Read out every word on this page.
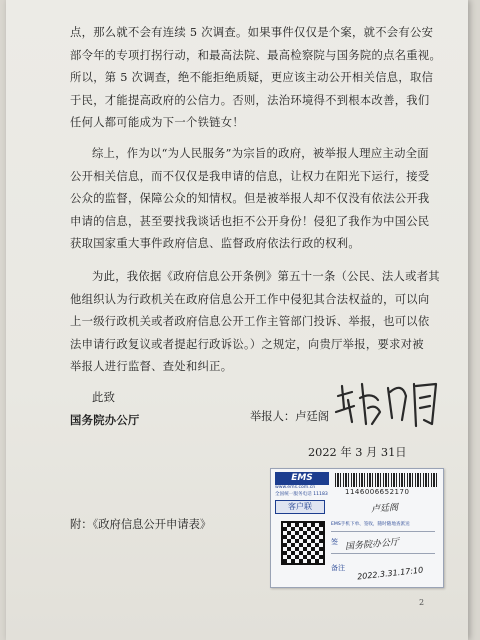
点，那么就不会有连续 5 次调查。如果事件仅仅是个案，就不会有公安
部令年的专项打拐行动，和最高法院、最高检察院与国务院的点名重视。
所以，第 5 次调查，绝不能拒绝质疑，更应该主动公开相关信息，取信
于民，才能提高政府的公信力。否则，法治环境得不到根本改善，我们
任何人都可能成为下一个铁链女！
综上，作为以“为人民服务”为宗旨的政府，被举报人理应主动全面
公开相关信息，而不仅仅是我申请的信息，让权力在阳光下运行，接受
公众的监督，保障公众的知情权。但是被举报人却不仅没有依法公开我
申请的信息，甚至要找我谈话也拒不公开身份！侵犯了我作为中国公民
获取国家重大事件政府信息、监督政府依法行政的权利。
为此，我依据《政府信息公开条例》第五十一条（公民、法人或者其
他组织认为行政机关在政府信息公开工作中侵犯其合法权益的，可以向
上一级行政机关或者政府信息公开工作主管部门投诉、举报，也可以依
法申请行政复议或者提起行政诉讼。）之规定，向贵厅举报，要求对被
举报人进行监督、查处和纠正。
此致
国务院办公厅	举报人：卢廷阁
2022 年 3 月 31日
附：《政府信息公开申请表》
2
EMS
www.ems.com.cn
全国统一服务电话 11183 1146006652170
客户联
EMS手机下单、签收，随时随地查派送
签
备注
卢廷阁
国务院办公厅
2022.3.31.17:10
